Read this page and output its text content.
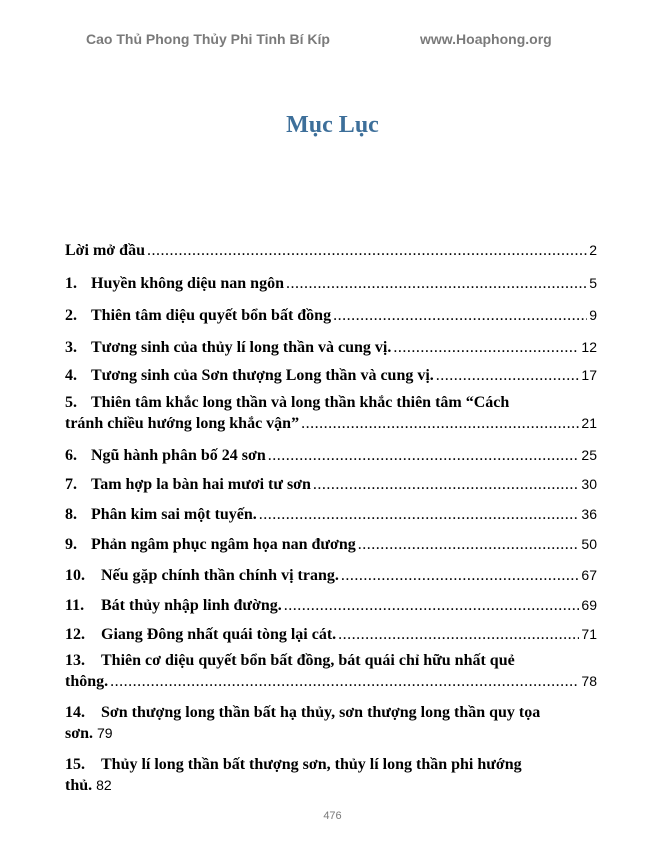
Cao Thủ Phong Thủy Phi Tinh Bí Kíp	www.Hoaphong.org
Mục Lục
Lời mở đầu .....	2
1. Huyền không diệu nan ngôn .....	5
2. Thiên tâm diệu quyết bổn bất đồng .....	9
3. Tương sinh của thủy lí long thần và cung vị. .....	12
4. Tương sinh của Sơn thượng Long thần và cung vị. .....	17
5. Thiên tâm khắc long thần và long thần khắc thiên tâm “Cách
tránh chiều hướng long khắc vận” .....	21
6. Ngũ hành phân bố 24 sơn .....	25
7. Tam hợp la bàn hai mươi tư sơn .....	30
8. Phân kim sai một tuyến. .....	36
9. Phản ngâm phục ngâm họa nan đương .....	50
10.	Nếu gặp chính thần chính vị trang. .....	67
11.	Bát thủy nhập linh đường. .....	69
12.	Giang Đông nhất quái tòng lại cát. .....	71
13. Thiên cơ diệu quyết bổn bất đồng, bát quái chỉ hữu nhất quẻ
thông. .....	78
14. Sơn thượng long thần bất hạ thủy, sơn thượng long thần quy tọa
sơn. 79
15. Thủy lí long thần bất thượng sơn, thủy lí long thần phi hướng
thủ. 82
476
